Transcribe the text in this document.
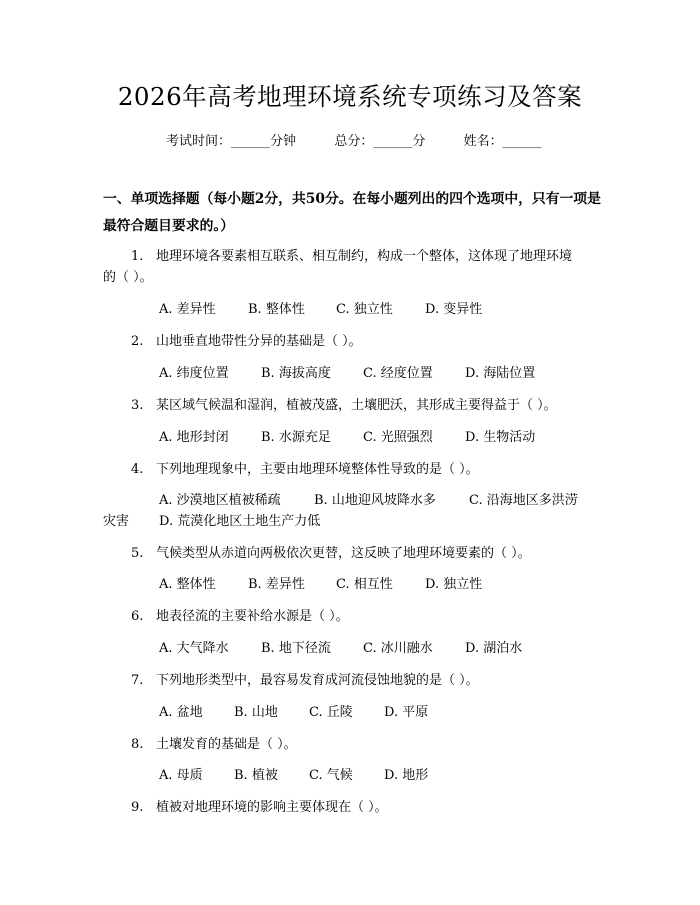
2026年高考地理环境系统专项练习及答案
考试时间：______分钟	总分：______分	姓名：______
一、单项选择题（每小题2分，共50分。在每小题列出的四个选项中，只有一项是最符合题目要求的。）
1. 地理环境各要素相互联系、相互制约，构成一个整体，这体现了地理环境
的（ ）。
A. 差异性 B. 整体性 C. 独立性 D. 变异性
2. 山地垂直地带性分异的基础是（ ）。
A. 纬度位置 B. 海拔高度 C. 经度位置 D. 海陆位置
3. 某区域气候温和湿润，植被茂盛，土壤肥沃，其形成主要得益于（ ）。
A. 地形封闭 B. 水源充足 C. 光照强烈 D. 生物活动
4. 下列地理现象中，主要由地理环境整体性导致的是（ ）。
A. 沙漠地区植被稀疏	B. 山地迎风坡降水多	C. 沿海地区多洪涝
灾害 D. 荒漠化地区土地生产力低
5. 气候类型从赤道向两极依次更替，这反映了地理环境要素的（ ）。
A. 整体性 B. 差异性 C. 相互性 D. 独立性
6. 地表径流的主要补给水源是（ ）。
A. 大气降水 B. 地下径流 C. 冰川融水 D. 湖泊水
7. 下列地形类型中，最容易发育成河流侵蚀地貌的是（ ）。
A. 盆地 B. 山地 C. 丘陵 D. 平原
8. 土壤发育的基础是（ ）。
A. 母质 B. 植被 C. 气候 D. 地形
9. 植被对地理环境的影响主要体现在（ ）。
